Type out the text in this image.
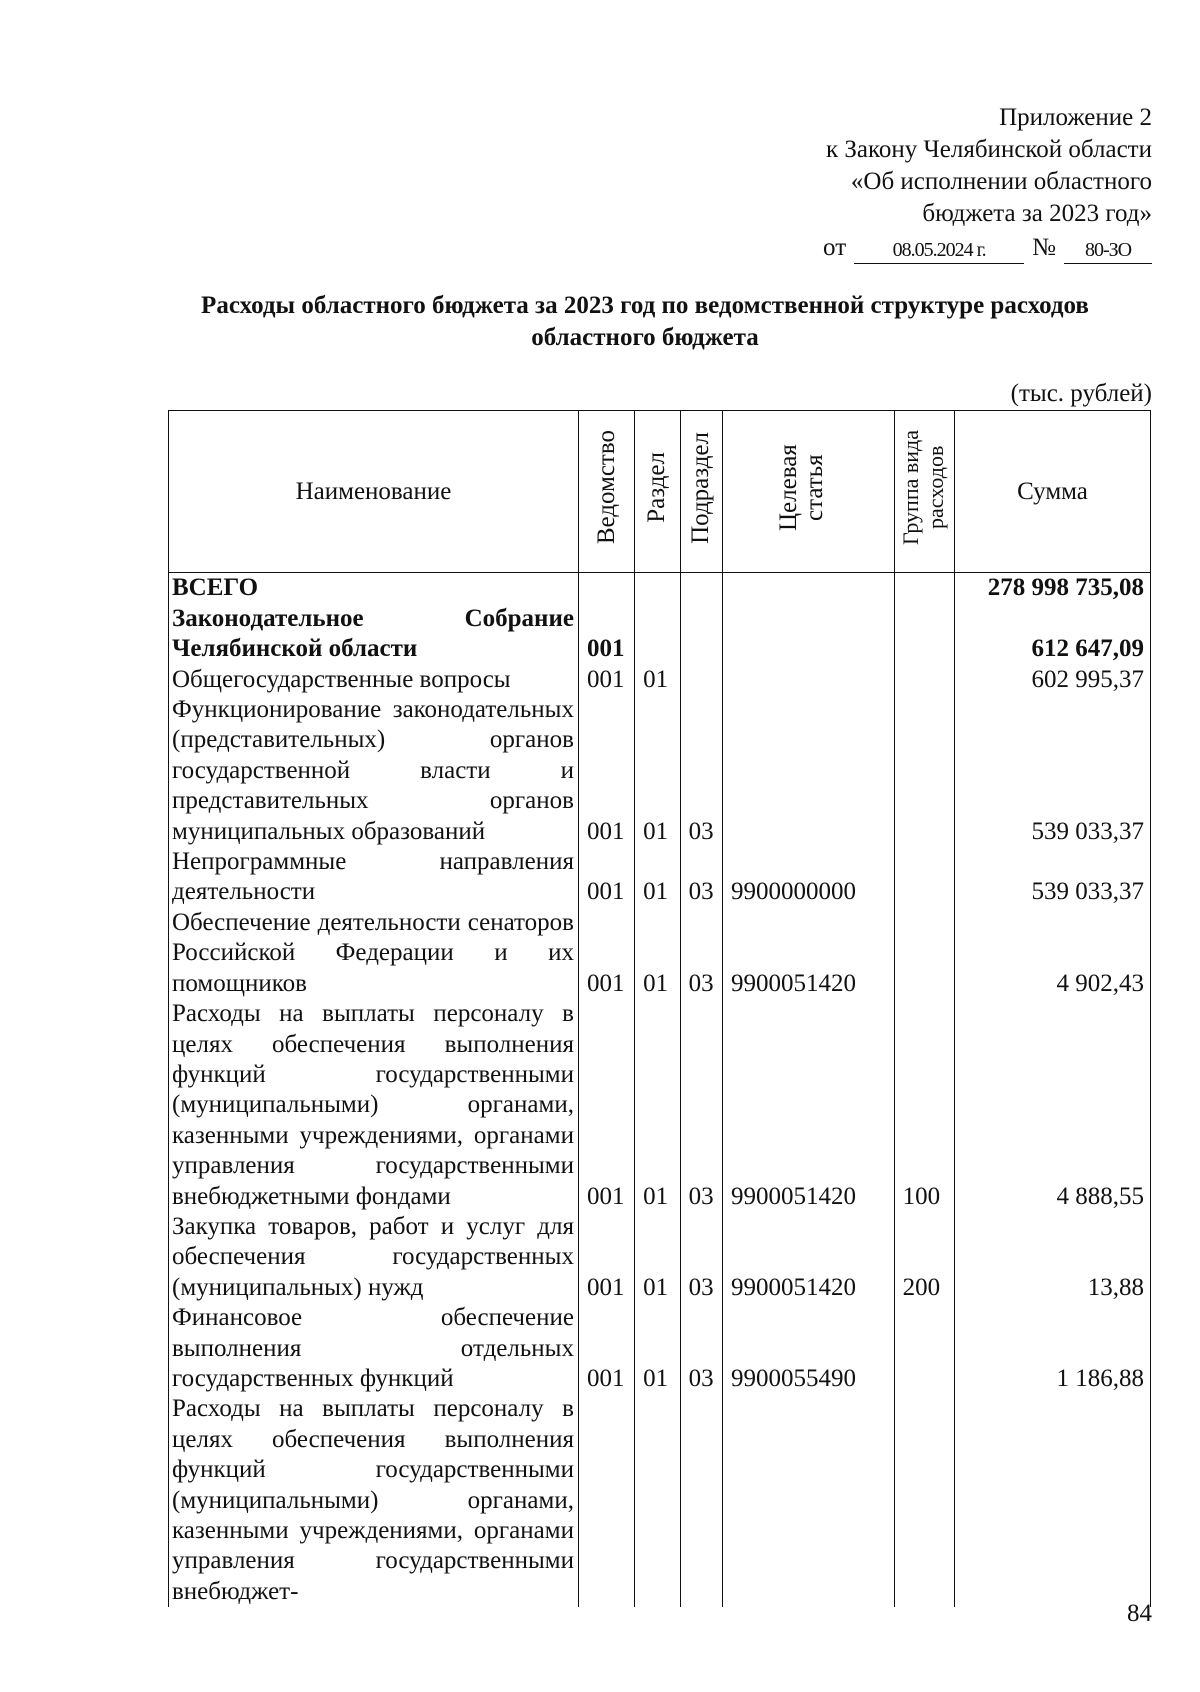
Приложение 2
к Закону Челябинской области
«Об исполнении областного
бюджета за 2023 год»
от	08.05.2024 г.	№	80-ЗО
Расходы областного бюджета за 2023 год по ведомственной структуре расходов областного бюджета
(тыс. рублей)
Наименование	Ведомство	Раздел	Подраздел	Целевая статья	Группа вида расходов	Сумма
ВСЕГО						278 998 735,08
Законодательное Собрание Челябинской области	001					612 647,09
Общегосударственные вопросы	001	01				602 995,37
Функционирование законодательных (представительных) органов государственной власти и представительных органов муниципальных образований	001	01	03			539 033,37
Непрограммные направления деятельности	001	01	03	9900000000		539 033,37
Обеспечение деятельности сенаторов Российской Федерации и их помощников	001	01	03	9900051420		4 902,43
Расходы на выплаты персоналу в целях обеспечения выполнения функций государственными (муниципальными) органами, казенными учреждениями, органами управления государственными внебюджетными фондами	001	01	03	9900051420	100	4 888,55
Закупка товаров, работ и услуг для обеспечения государственных (муниципальных) нужд	001	01	03	9900051420	200	13,88
Финансовое обеспечение выполнения отдельных государственных функций	001	01	03	9900055490		1 186,88
Расходы на выплаты персоналу в целях обеспечения выполнения функций государственными (муниципальными) органами, казенными учреждениями, органами управления государственными внебюджет-						
84
